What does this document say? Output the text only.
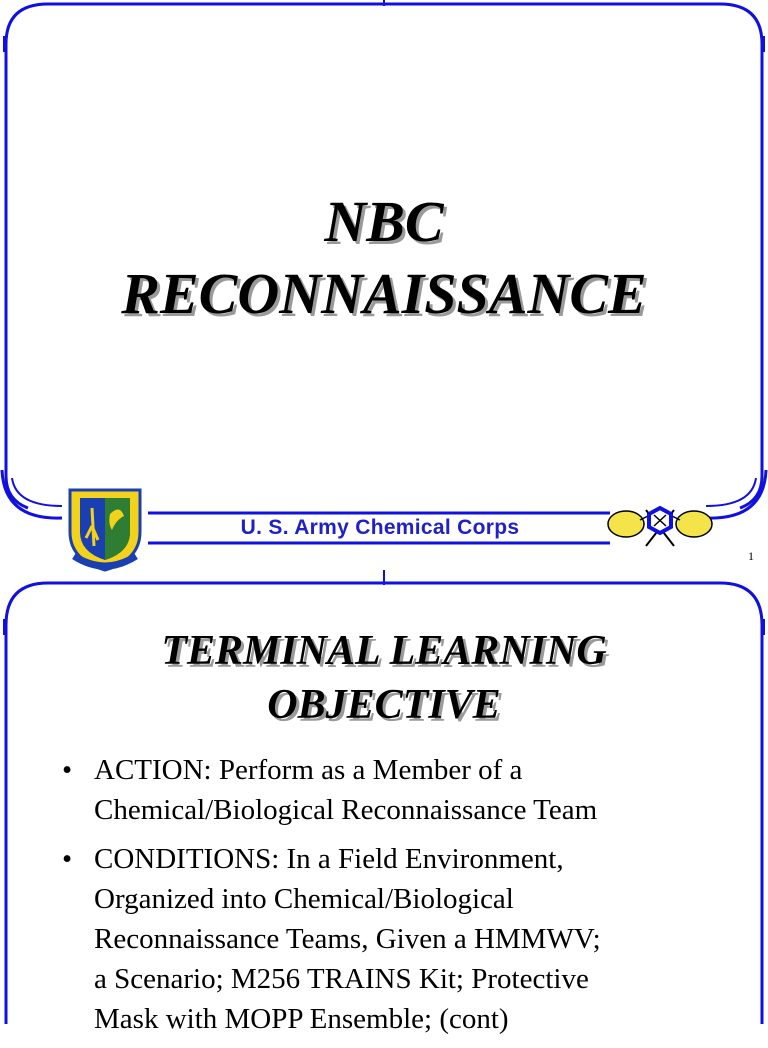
NBC
RECONNAISSANCE
U. S. Army Chemical Corps
1
TERMINAL LEARNING
OBJECTIVE
• ACTION: Perform as a Member of a
Chemical/Biological Reconnaissance Team
• CONDITIONS: In a Field Environment,
Organized into Chemical/Biological
Reconnaissance Teams, Given a HMMWV;
a Scenario; M256 TRAINS Kit; Protective
Mask with MOPP Ensemble; (cont)
